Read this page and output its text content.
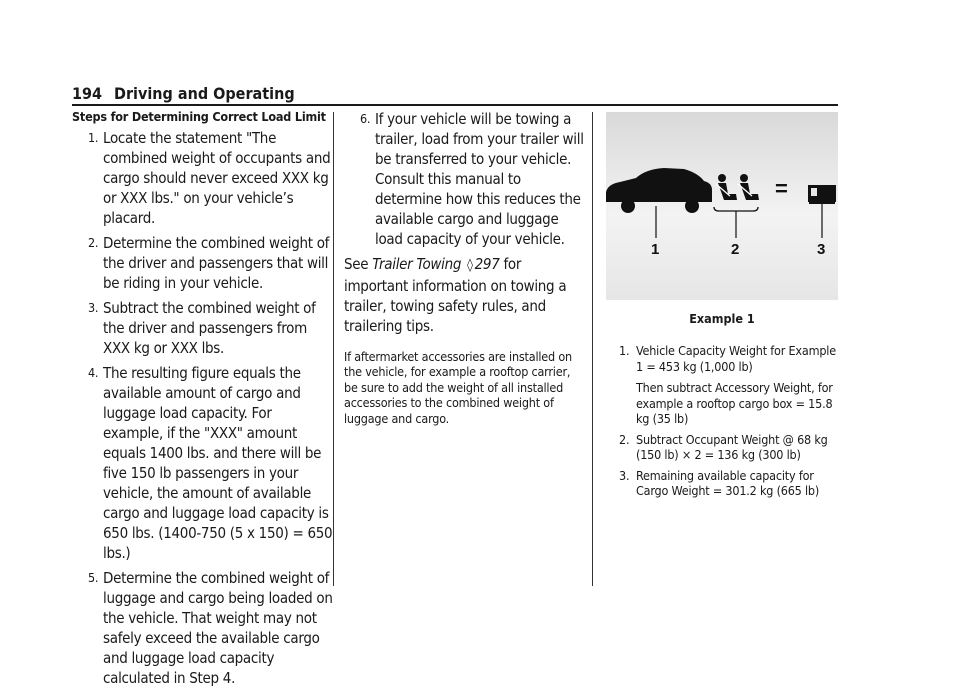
194 Driving and Operating
Steps for Determining Correct Load Limit
1. Locate the statement "The combined weight of occupants and cargo should never exceed XXX kg or XXX lbs." on your vehicle’s placard.
2. Determine the combined weight of the driver and passengers that will be riding in your vehicle.
3. Subtract the combined weight of the driver and passengers from XXX kg or XXX lbs.
4. The resulting figure equals the available amount of cargo and luggage load capacity. For example, if the "XXX" amount equals 1400 lbs. and there will be five 150 lb passengers in your vehicle, the amount of available cargo and luggage load capacity is 650 lbs. (1400-750 (5 x 150) = 650 lbs.)
5. Determine the combined weight of luggage and cargo being loaded on the vehicle. That weight may not safely exceed the available cargo and luggage load capacity calculated in Step 4.
6. If your vehicle will be towing a trailer, load from your trailer will be transferred to your vehicle. Consult this manual to determine how this reduces the available cargo and luggage load capacity of your vehicle.

See Trailer Towing ◊ 297 for important information on towing a trailer, towing safety rules, and trailering tips.

If aftermarket accessories are installed on the vehicle, for example a rooftop carrier, be sure to add the weight of all installed accessories to the combined weight of luggage and cargo.

−	=
1	2	3
Example 1
1. Vehicle Capacity Weight for Example 1 = 453 kg (1,000 lb)
Then subtract Accessory Weight, for example a rooftop cargo box = 15.8 kg (35 lb)
2. Subtract Occupant Weight @ 68 kg (150 lb) × 2 = 136 kg (300 lb)
3. Remaining available capacity for Cargo Weight = 301.2 kg (665 lb)
